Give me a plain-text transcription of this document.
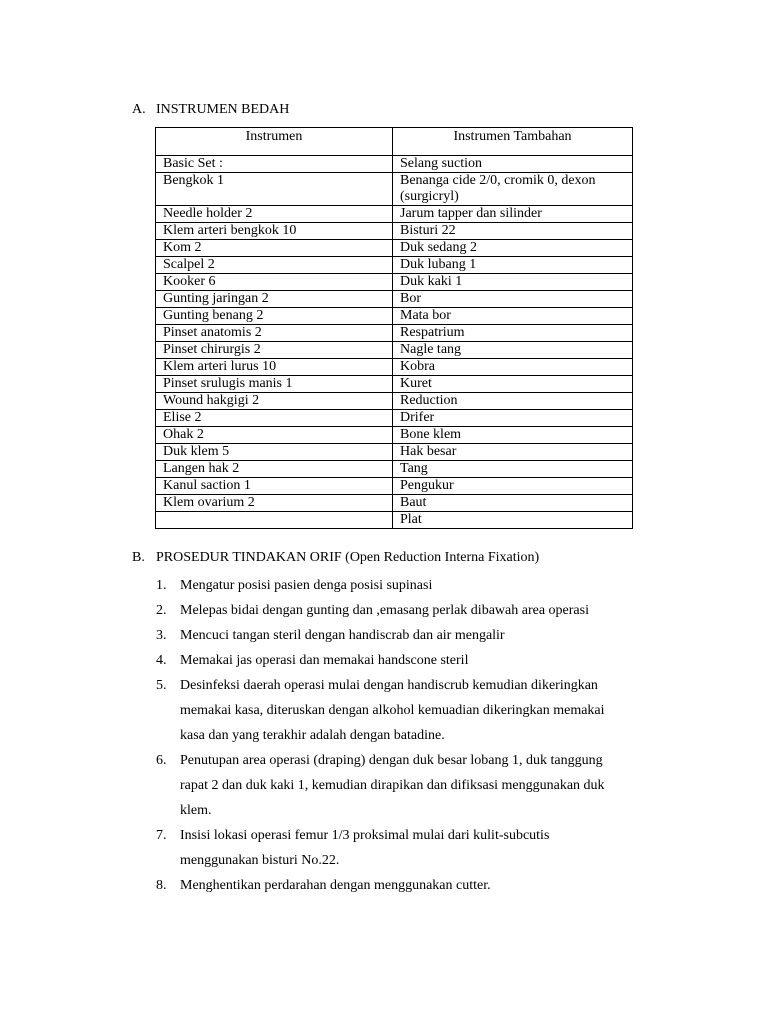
A. INSTRUMEN BEDAH
Instrumen	Instrumen Tambahan
Basic Set :	Selang suction
Bengkok 1	Benanga cide 2/0, cromik 0, dexon (surgicryl)
Needle holder 2	Jarum tapper dan silinder
Klem arteri bengkok 10	Bisturi 22
Kom 2	Duk sedang 2
Scalpel 2	Duk lubang 1
Kooker 6	Duk kaki 1
Gunting jaringan 2	Bor
Gunting benang 2	Mata bor
Pinset anatomis 2	Respatrium
Pinset chirurgis 2	Nagle tang
Klem arteri lurus 10	Kobra
Pinset srulugis manis 1	Kuret
Wound hakgigi 2	Reduction
Elise 2	Drifer
Ohak 2	Bone klem
Duk klem 5	Hak besar
Langen hak 2	Tang
Kanul saction 1	Pengukur
Klem ovarium 2	Baut
	Plat
B. PROSEDUR TINDAKAN ORIF (Open Reduction Interna Fixation)
1. Mengatur posisi pasien denga posisi supinasi
2. Melepas bidai dengan gunting dan ,emasang perlak dibawah area operasi
3. Mencuci tangan steril dengan handiscrab dan air mengalir
4. Memakai jas operasi dan memakai handscone steril
5. Desinfeksi daerah operasi mulai dengan handiscrub kemudian dikeringkan
memakai kasa, diteruskan dengan alkohol kemuadian dikeringkan memakai
kasa dan yang terakhir adalah dengan batadine.
6. Penutupan area operasi (draping) dengan duk besar lobang 1, duk tanggung
rapat 2 dan duk kaki 1, kemudian dirapikan dan difiksasi menggunakan duk
klem.
7. Insisi lokasi operasi femur 1/3 proksimal mulai dari kulit-subcutis
menggunakan bisturi No.22.
8. Menghentikan perdarahan dengan menggunakan cutter.
